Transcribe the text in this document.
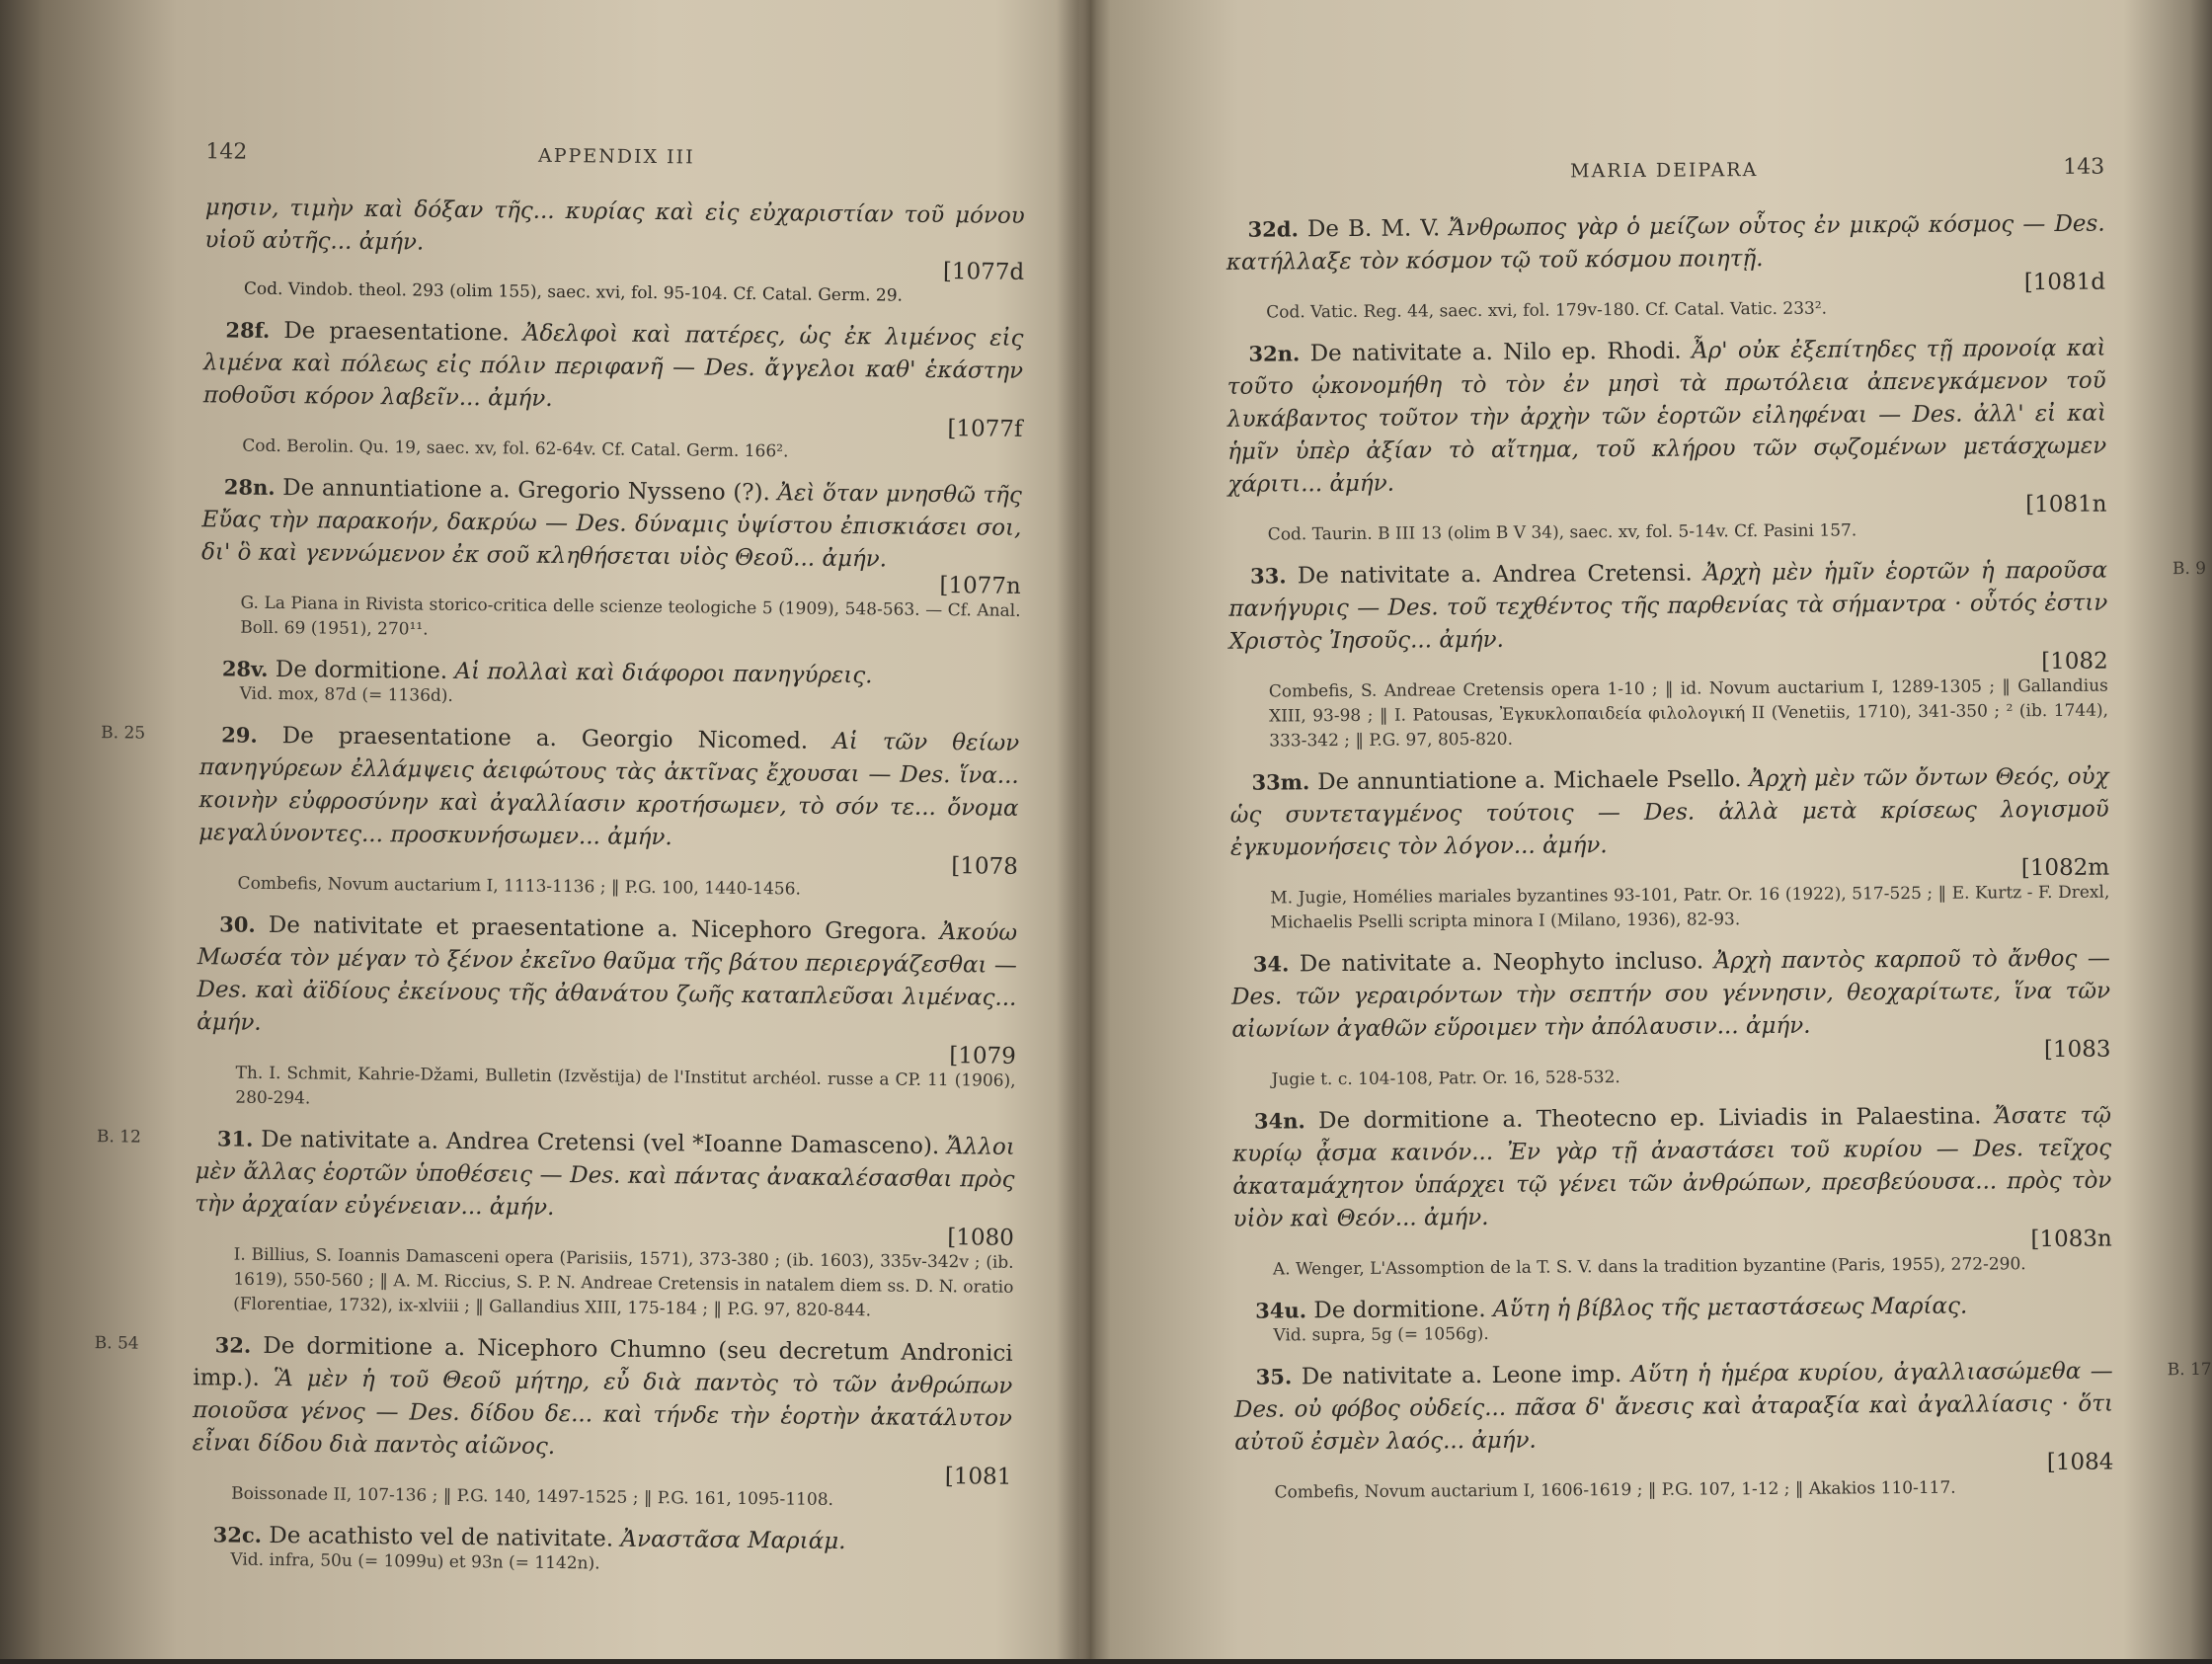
142	APPENDIX III
μησιν, τιμὴν καὶ δόξαν τῆς... κυρίας καὶ εἰς εὐχαριστίαν τοῦ μόνου υἱοῦ αὐτῆς... ἀμήν.
[1077d
Cod. Vindob. theol. 293 (olim 155), saec. xvi, fol. 95-104. Cf. Catal. Germ. 29.
28f. De praesentatione. Ἀδελφοὶ καὶ πατέρες, ὡς ἐκ λιμένος εἰς λιμένα καὶ πόλεως εἰς πόλιν περιφανῆ — Des. ἄγγελοι καθ' ἑκάστην ποθοῦσι κόρον λαβεῖν... ἀμήν.
[1077f
Cod. Berolin. Qu. 19, saec. xv, fol. 62-64v. Cf. Catal. Germ. 166².
28n. De annuntiatione a. Gregorio Nysseno (?). Ἀεὶ ὅταν μνησθῶ τῆς Εὔας τὴν παρακοήν, δακρύω — Des. δύναμις ὑψίστου ἐπισκιάσει σοι, δι' ὃ καὶ γεννώμενον ἐκ σοῦ κληθήσεται υἱὸς Θεοῦ... ἀμήν.
[1077n
G. La Piana in Rivista storico-critica delle scienze teologiche 5 (1909), 548-563. — Cf. Anal. Boll. 69 (1951), 270¹¹.
28v. De dormitione. Αἱ πολλαὶ καὶ διάφοροι πανηγύρεις.
Vid. mox, 87d (= 1136d).
B. 25	29. De praesentatione a. Georgio Nicomed. Αἱ τῶν θείων πανηγύρεων ἐλλάμψεις ἀειφώτους τὰς ἀκτῖνας ἔχουσαι — Des. ἵνα... κοινὴν εὐφροσύνην καὶ ἀγαλλίασιν κροτήσωμεν, τὸ σόν τε... ὄνομα μεγαλύνοντες... προσκυνήσωμεν... ἀμήν.
[1078
Combefis, Novum auctarium I, 1113-1136 ; ‖ P.G. 100, 1440-1456.
30. De nativitate et praesentatione a. Nicephoro Gregora. Ἀκούω Μωσέα τὸν μέγαν τὸ ξένον ἐκεῖνο θαῦμα τῆς βάτου περιεργάζεσθαι — Des. καὶ ἀϊδίους ἐκείνους τῆς ἀθανάτου ζωῆς καταπλεῦσαι λιμένας... ἀμήν.
[1079
Th. I. Schmit, Kahrie-Džami, Bulletin (Izvěstija) de l'Institut archéol. russe a CP. 11 (1906), 280-294.
B. 12	31. De nativitate a. Andrea Cretensi (vel *Ioanne Damasceno). Ἄλλοι μὲν ἄλλας ἑορτῶν ὑποθέσεις — Des. καὶ πάντας ἀνακαλέσασθαι πρὸς τὴν ἀρχαίαν εὐγένειαν... ἀμήν.
[1080
I. Billius, S. Ioannis Damasceni opera (Parisiis, 1571), 373-380 ; (ib. 1603), 335v-342v ; (ib. 1619), 550-560 ; ‖ A. M. Riccius, S. P. N. Andreae Cretensis in natalem diem ss. D. N. oratio (Florentiae, 1732), ix-xlviii ; ‖ Gallandius XIII, 175-184 ; ‖ P.G. 97, 820-844.
B. 54	32. De dormitione a. Nicephoro Chumno (seu decretum Andronici imp.). Ἃ μὲν ἡ τοῦ Θεοῦ μήτηρ, εὖ διὰ παντὸς τὸ τῶν ἀνθρώπων ποιοῦσα γένος — Des. δίδου δε... καὶ τήνδε τὴν ἑορτὴν ἀκατάλυτον εἶναι δίδου διὰ παντὸς αἰῶνος.
[1081
Boissonade II, 107-136 ; ‖ P.G. 140, 1497-1525 ; ‖ P.G. 161, 1095-1108.
32c. De acathisto vel de nativitate. Ἀναστᾶσα Μαριάμ.
Vid. infra, 50u (= 1099u) et 93n (= 1142n).
MARIA DEIPARA	143
32d. De B. M. V. Ἄνθρωπος γὰρ ὁ μείζων οὗτος ἐν μικρῷ κόσμος — Des. κατήλλαξε τὸν κόσμον τῷ τοῦ κόσμου ποιητῇ.
[1081d
Cod. Vatic. Reg. 44, saec. xvi, fol. 179v-180. Cf. Catal. Vatic. 233².
32n. De nativitate a. Nilo ep. Rhodi. Ἆρ' οὐκ ἐξεπίτηδες τῇ προνοίᾳ καὶ τοῦτο ᾠκονομήθη τὸ τὸν ἐν μησὶ τὰ πρωτόλεια ἀπενεγκάμενον τοῦ λυκάβαντος τοῦτον τὴν ἀρχὴν τῶν ἑορτῶν εἰληφέναι — Des. ἀλλ' εἰ καὶ ἡμῖν ὑπὲρ ἀξίαν τὸ αἴτημα, τοῦ κλήρου τῶν σῳζομένων μετάσχωμεν χάριτι... ἀμήν.
[1081n
Cod. Taurin. B III 13 (olim B V 34), saec. xv, fol. 5-14v. Cf. Pasini 157.
B. 9
33. De nativitate a. Andrea Cretensi. Ἀρχὴ μὲν ἡμῖν ἑορτῶν ἡ παροῦσα πανήγυρις — Des. τοῦ τεχθέντος τῆς παρθενίας τὰ σήμαντρα · οὗτός ἐστιν Χριστὸς Ἰησοῦς... ἀμήν.
[1082
Combefis, S. Andreae Cretensis opera 1-10 ; ‖ id. Novum auctarium I, 1289-1305 ; ‖ Gallandius XIII, 93-98 ; ‖ I. Patousas, Ἐγκυκλοπαιδεία φιλολογική II (Venetiis, 1710), 341-350 ; ² (ib. 1744), 333-342 ; ‖ P.G. 97, 805-820.
33m. De annuntiatione a. Michaele Psello. Ἀρχὴ μὲν τῶν ὄντων Θεός, οὐχ ὡς συντεταγμένος τούτοις — Des. ἀλλὰ μετὰ κρίσεως λογισμοῦ ἐγκυμονήσεις τὸν λόγον... ἀμήν.
[1082m
M. Jugie, Homélies mariales byzantines 93-101, Patr. Or. 16 (1922), 517-525 ; ‖ E. Kurtz - F. Drexl, Michaelis Pselli scripta minora I (Milano, 1936), 82-93.
34. De nativitate a. Neophyto incluso. Ἀρχὴ παντὸς καρποῦ τὸ ἄνθος — Des. τῶν γεραιρόντων τὴν σεπτήν σου γέννησιν, θεοχαρίτωτε, ἵνα τῶν αἰωνίων ἀγαθῶν εὕροιμεν τὴν ἀπόλαυσιν... ἀμήν.
[1083
Jugie t. c. 104-108, Patr. Or. 16, 528-532.
34n. De dormitione a. Theotecno ep. Liviadis in Palaestina. Ἄσατε τῷ κυρίῳ ᾆσμα καινόν... Ἐν γὰρ τῇ ἀναστάσει τοῦ κυρίου — Des. τεῖχος ἀκαταμάχητον ὑπάρχει τῷ γένει τῶν ἀνθρώπων, πρεσβεύουσα... πρὸς τὸν υἱὸν καὶ Θεόν... ἀμήν.
[1083n
A. Wenger, L'Assomption de la T. S. V. dans la tradition byzantine (Paris, 1955), 272-290.
34u. De dormitione. Αὕτη ἡ βίβλος τῆς μεταστάσεως Μαρίας.
Vid. supra, 5g (= 1056g).
B. 17
35. De nativitate a. Leone imp. Αὕτη ἡ ἡμέρα κυρίου, ἀγαλλιασώμεθα — Des. οὐ φόβος οὐδείς... πᾶσα δ' ἄνεσις καὶ ἀταραξία καὶ ἀγαλλίασις · ὅτι αὐτοῦ ἐσμὲν λαός... ἀμήν.
[1084
Combefis, Novum auctarium I, 1606-1619 ; ‖ P.G. 107, 1-12 ; ‖ Akakios 110-117.
